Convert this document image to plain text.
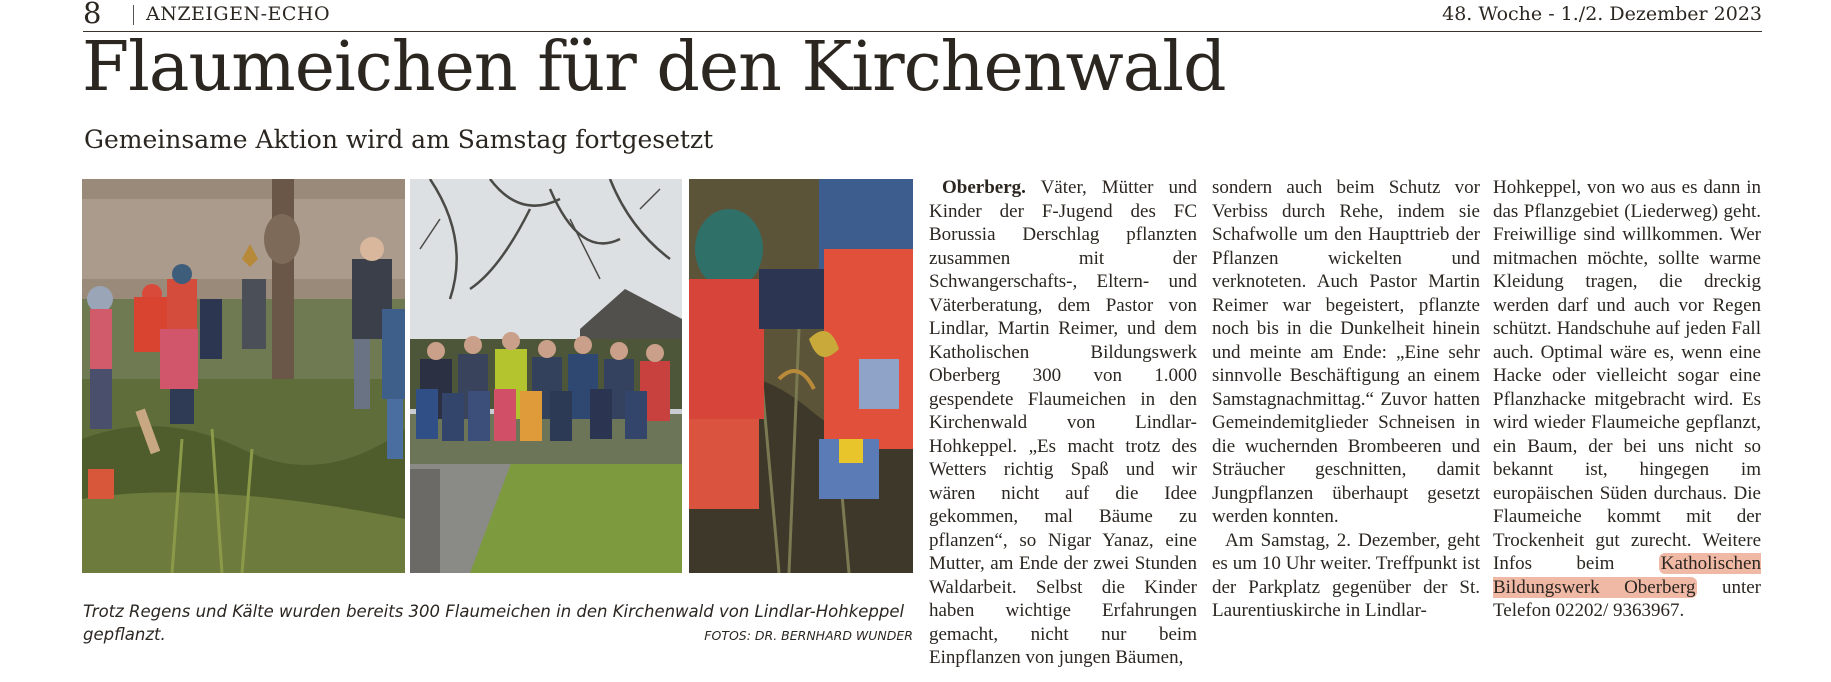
8 ANZEIGEN-ECHO	48. Woche - 1./2. Dezember 2023
Flaumeichen für den Kirchenwald
Gemeinsame Aktion wird am Samstag fortgesetzt

Trotz Regens und Kälte wurden bereits 300 Flaumeichen in den Kirchenwald von Lindlar-Hohkeppel gepflanzt.	FOTOS: DR. BERNHARD WUNDER

Oberberg. Väter, Mütter und Kinder der F-Jugend des FC Borussia Derschlag pflanzten zusammen mit der Schwangerschafts-, Eltern- und Väterberatung, dem Pastor von Lindlar, Martin Reimer, und dem Katholischen Bildungswerk Oberberg 300 von 1.000 gespendete Flaumeichen in den Kirchenwald von Lindlar-Hohkeppel. „Es macht trotz des Wetters richtig Spaß und wir wären nicht auf die Idee gekommen, mal Bäume zu pflanzen“, so Nigar Yanaz, eine Mutter, am Ende der zwei Stunden Waldarbeit. Selbst die Kinder haben wichtige Erfahrungen gemacht, nicht nur beim Einpflanzen von jungen Bäumen,

sondern auch beim Schutz vor Verbiss durch Rehe, indem sie Schafwolle um den Haupttrieb der Pflanzen wickelten und verknoteten. Auch Pastor Martin Reimer war begeistert, pflanzte noch bis in die Dunkelheit hinein und meinte am Ende: „Eine sehr sinnvolle Beschäftigung an einem Samstagnachmittag.“ Zuvor hatten Gemeindemitglieder Schneisen in die wuchernden Brombeeren und Sträucher geschnitten, damit Jungpflanzen überhaupt gesetzt werden konnten.

Am Samstag, 2. Dezember, geht es um 10 Uhr weiter. Treffpunkt ist der Parkplatz gegenüber der St. Laurentiuskirche in Lindlar-

Hohkeppel, von wo aus es dann in das Pflanzgebiet (Liederweg) geht. Freiwillige sind willkommen. Wer mitmachen möchte, sollte warme Kleidung tragen, die dreckig werden darf und auch vor Regen schützt. Handschuhe auf jeden Fall auch. Optimal wäre es, wenn eine Hacke oder vielleicht sogar eine Pflanzhacke mitgebracht wird. Es wird wieder Flaumeiche gepflanzt, ein Baum, der bei uns nicht so bekannt ist, hingegen im europäischen Süden durchaus. Die Flaumeiche kommt mit der Trockenheit gut zurecht. Weitere Infos beim Katholischen Bildungswerk Oberberg unter Telefon 02202/ 9363967.
